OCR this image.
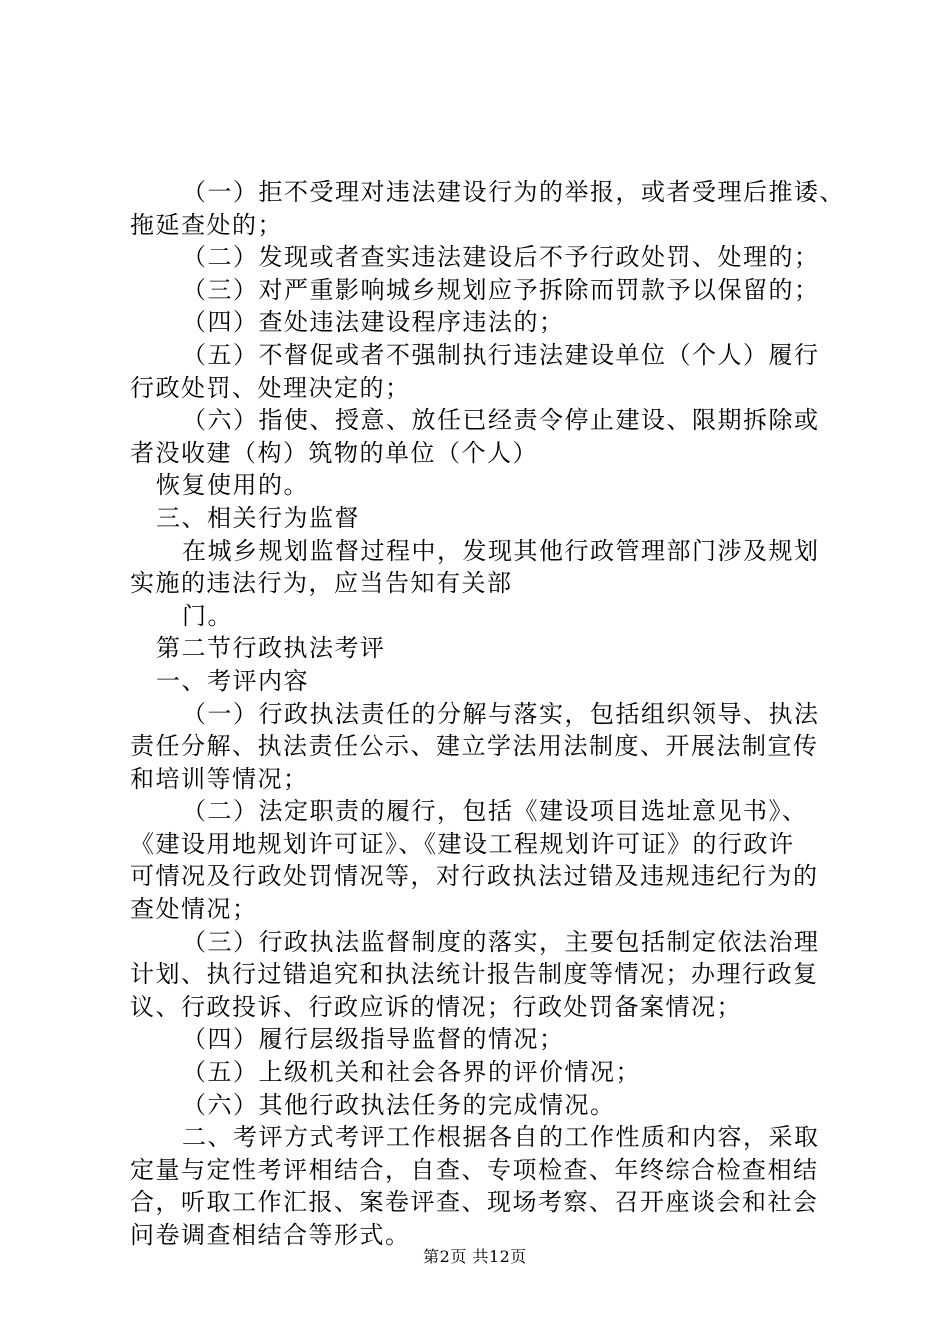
（一）拒不受理对违法建设行为的举报，或者受理后推诿、
拖延查处的；
（二）发现或者查实违法建设后不予行政处罚、处理的；
（三）对严重影响城乡规划应予拆除而罚款予以保留的；
（四）查处违法建设程序违法的；
（五）不督促或者不强制执行违法建设单位（个人）履行
行政处罚、处理决定的；
（六）指使、授意、放任已经责令停止建设、限期拆除或
者没收建（构）筑物的单位（个人）
恢复使用的。
三、相关行为监督
在城乡规划监督过程中，发现其他行政管理部门涉及规划
实施的违法行为，应当告知有关部
门。
第二节行政执法考评
一、考评内容
（一）行政执法责任的分解与落实，包括组织领导、执法
责任分解、执法责任公示、建立学法用法制度、开展法制宣传
和培训等情况；
（二）法定职责的履行，包括《建设项目选址意见书》、
《建设用地规划许可证》、《建设工程规划许可证》的行政许
可情况及行政处罚情况等，对行政执法过错及违规违纪行为的
查处情况；
（三）行政执法监督制度的落实，主要包括制定依法治理
计划、执行过错追究和执法统计报告制度等情况；办理行政复
议、行政投诉、行政应诉的情况；行政处罚备案情况；
（四）履行层级指导监督的情况；
（五）上级机关和社会各界的评价情况；
（六）其他行政执法任务的完成情况。
二、考评方式考评工作根据各自的工作性质和内容，采取
定量与定性考评相结合，自查、专项检查、年终综合检查相结
合，听取工作汇报、案卷评查、现场考察、召开座谈会和社会
问卷调查相结合等形式。
第2页 共12页
